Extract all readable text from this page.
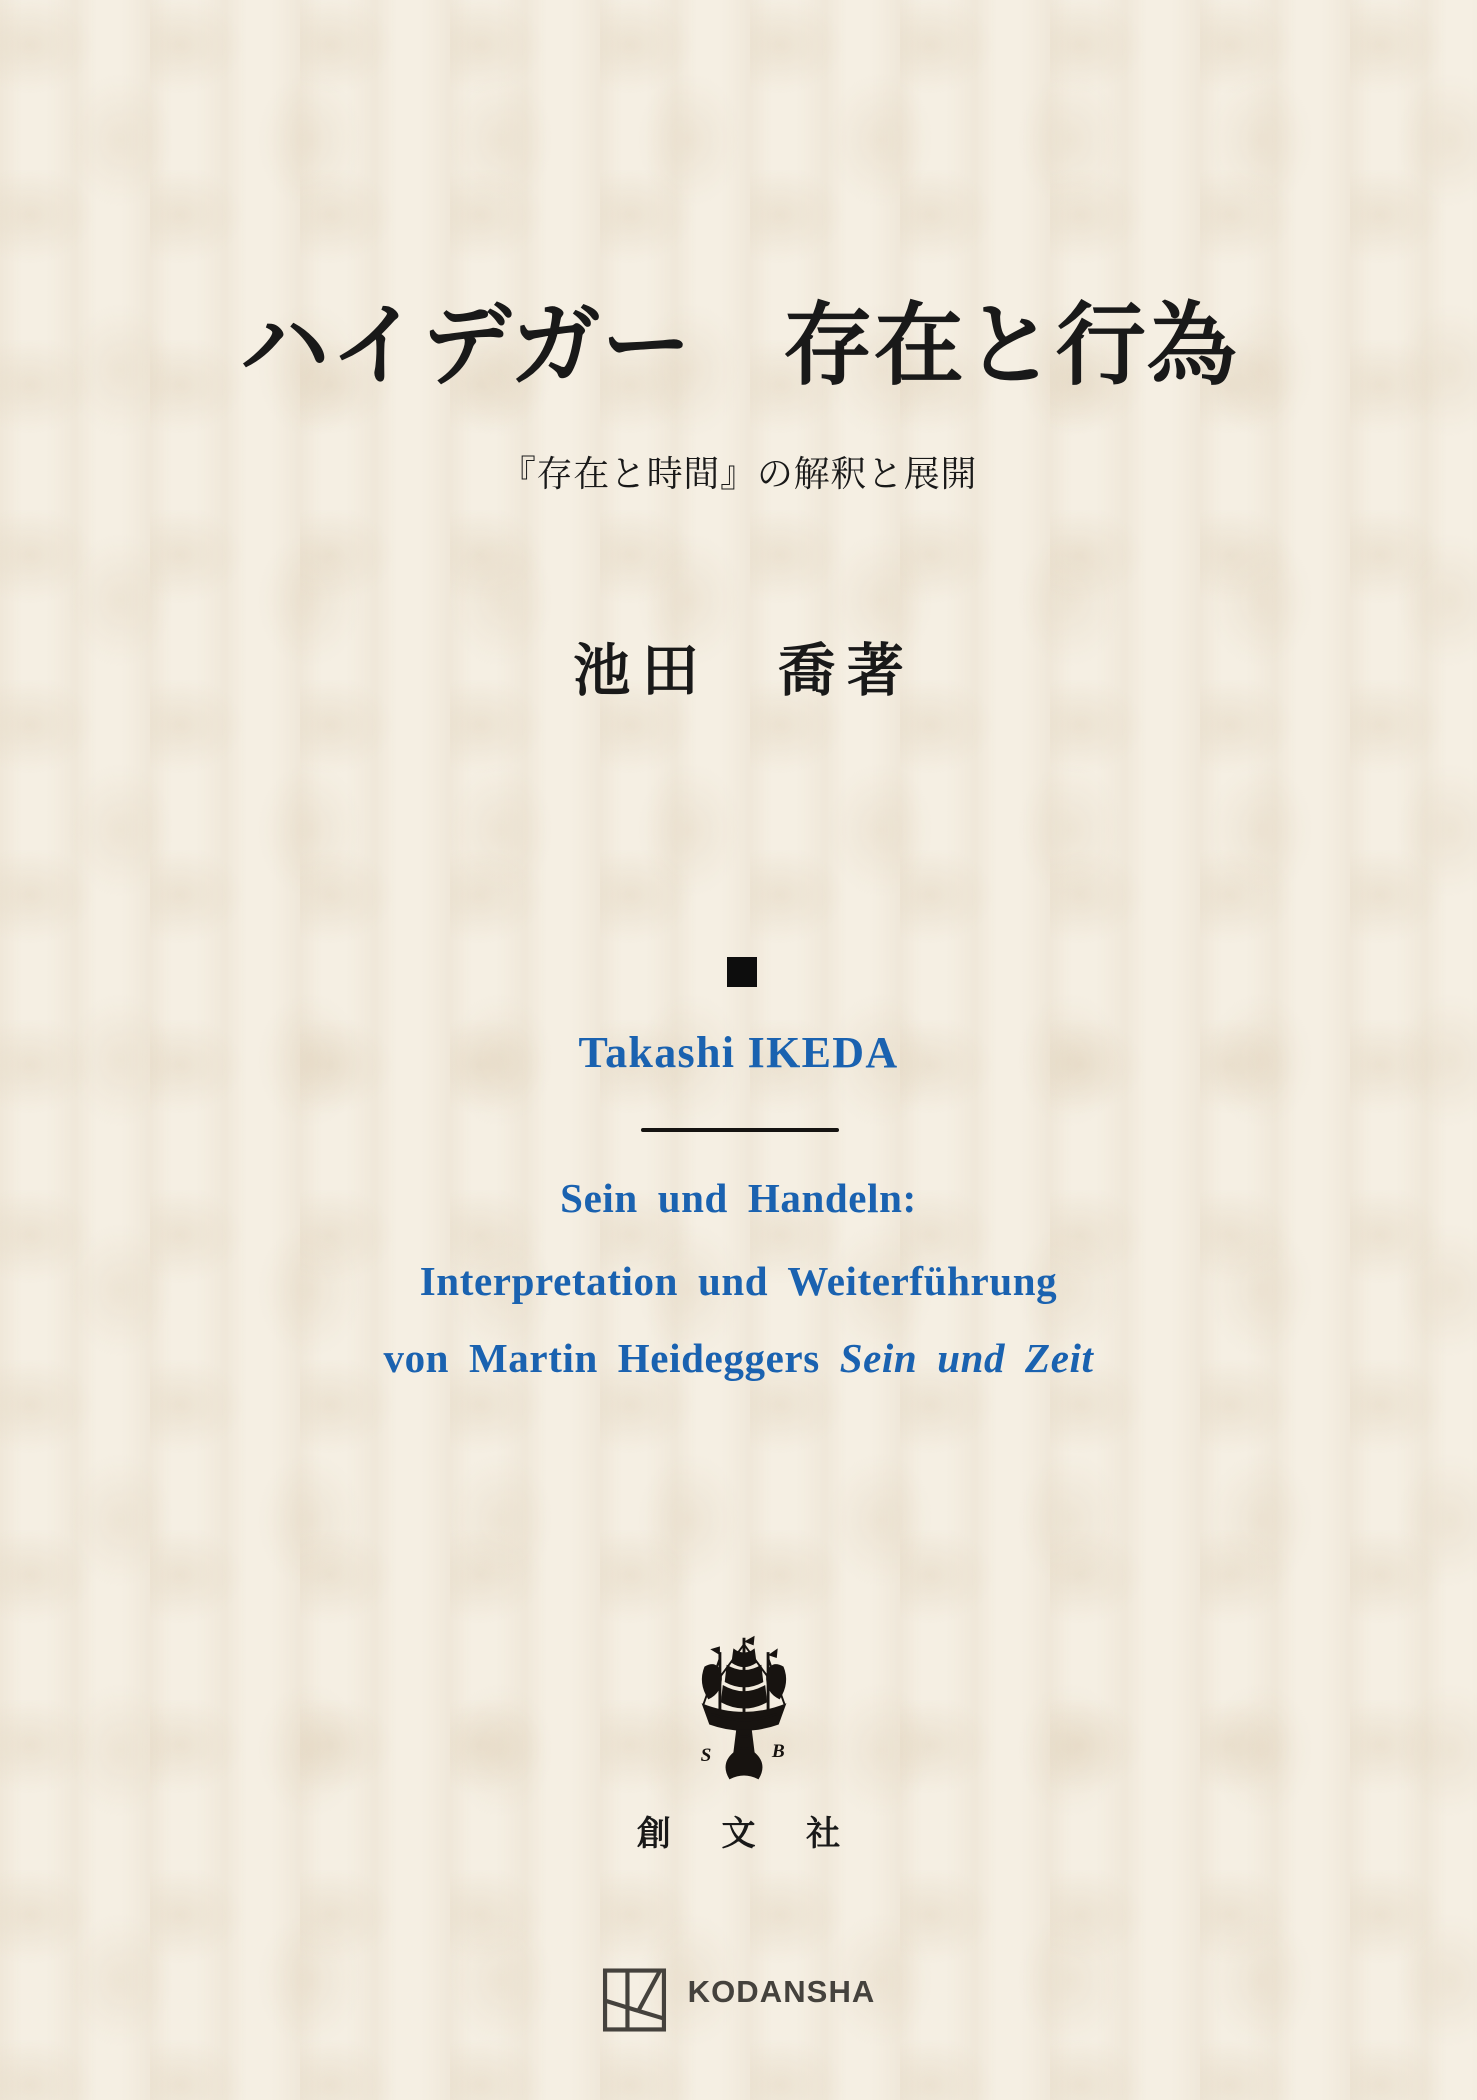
ハイデガー　存在と行為
『存在と時間』の解釈と展開
池田　喬著
Takashi IKEDA
Sein und Handeln:
Interpretation und Weiterführung
von Martin Heideggers Sein und Zeit
S	B
創 文 社
KODANSHA
